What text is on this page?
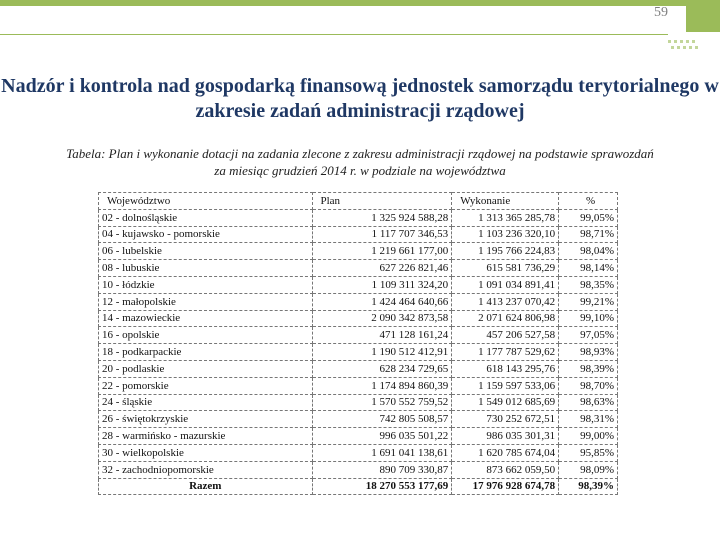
59
Nadzór i kontrola nad gospodarką finansową jednostek samorządu terytorialnego w zakresie zadań administracji rządowej
Tabela: Plan i wykonanie dotacji na zadania zlecone z zakresu administracji rządowej na podstawie sprawozdań za miesiąc grudzień 2014 r. w podziale na województwa
Województwo	Plan	Wykonanie	%
02 - dolnośląskie	1 325 924 588,28	1 313 365 285,78	99,05%
04 - kujawsko - pomorskie	1 117 707 346,53	1 103 236 320,10	98,71%
06 - lubelskie	1 219 661 177,00	1 195 766 224,83	98,04%
08 - lubuskie	627 226 821,46	615 581 736,29	98,14%
10 - łódzkie	1 109 311 324,20	1 091 034 891,41	98,35%
12 - małopolskie	1 424 464 640,66	1 413 237 070,42	99,21%
14 - mazowieckie	2 090 342 873,58	2 071 624 806,98	99,10%
16 - opolskie	471 128 161,24	457 206 527,58	97,05%
18 - podkarpackie	1 190 512 412,91	1 177 787 529,62	98,93%
20 - podlaskie	628 234 729,65	618 143 295,76	98,39%
22 - pomorskie	1 174 894 860,39	1 159 597 533,06	98,70%
24 - śląskie	1 570 552 759,52	1 549 012 685,69	98,63%
26 - świętokrzyskie	742 805 508,57	730 252 672,51	98,31%
28 - warmińsko - mazurskie	996 035 501,22	986 035 301,31	99,00%
30 - wielkopolskie	1 691 041 138,61	1 620 785 674,04	95,85%
32 - zachodniopomorskie	890 709 330,87	873 662 059,50	98,09%
Razem	18 270 553 177,69	17 976 928 674,78	98,39%
